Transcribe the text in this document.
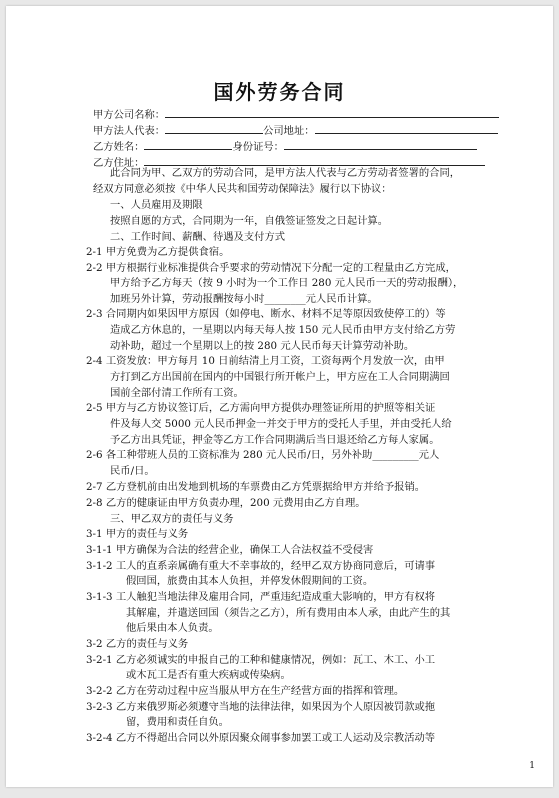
国外劳务合同
甲方公司名称：
甲方法人代表：	公司地址：
乙方姓名：	身份证号：
乙方住址：
此合同为甲、乙双方的劳动合同，是甲方法人代表与乙方劳动者签署的合同，
经双方同意必须按《中华人民共和国劳动保障法》履行以下协议：
一、人员雇用及期限
按照自愿的方式，合同期为一年，自俄签证签发之日起计算。
二、工作时间、薪酬、待遇及支付方式
2-1 甲方免费为乙方提供食宿。
2-2 甲方根据行业标准提供合乎要求的劳动情况下分配一定的工程量由乙方完成，
甲方给予乙方每天（按 9 小时为一个工作日 280 元人民币一天的劳动报酬），
加班另外计算，劳动报酬按每小时________元人民币计算。
2-3 合同期内如果因甲方原因（如停电、断水、材料不足等原因致使停工的）等
造成乙方休息的，一星期以内每天每人按 150 元人民币由甲方支付给乙方劳
动补助，超过一个星期以上的按 280 元人民币每天计算劳动补助。
2-4 工资发放：甲方每月 10 日前结清上月工资，工资每两个月发放一次，由甲
方打到乙方出国前在国内的中国银行所开帐户上，甲方应在工人合同期满回
国前全部付清工作所有工资。
2-5 甲方与乙方协议签订后，乙方需向甲方提供办理签证所用的护照等相关证
件及每人交 5000 元人民币押金一并交于甲方的受托人手里，并由受托人给
予乙方出具凭证，押金等乙方工作合同期满后当日退还给乙方每人家属。
2-6 各工种带班人员的工资标准为 280 元人民币/日，另外补助_________元人
民币/日。
2-7 乙方登机前由出发地到机场的车票费由乙方凭票据给甲方并给予报销。
2-8 乙方的健康证由甲方负责办理，200 元费用由乙方自理。
三、甲乙双方的责任与义务
3-1 甲方的责任与义务
3-1-1 甲方确保为合法的经营企业，确保工人合法权益不受侵害
3-1-2 工人的直系亲属确有重大不幸事故的，经甲乙双方协商同意后，可请事
假回国，旅费由其本人负担，并停发休假期间的工资。
3-1-3 工人触犯当地法律及雇用合同，严重违纪造成重大影响的，甲方有权将
其解雇，并遣送回国（须告之乙方），所有费用由本人承，由此产生的其
他后果由本人负责。
3-2 乙方的责任与义务
3-2-1 乙方必须诚实的申报自己的工种和健康情况，例如：瓦工、木工、小工
或木瓦工是否有重大疾病或传染病。
3-2-2 乙方在劳动过程中应当服从甲方在生产经营方面的指挥和管理。
3-2-3 乙方来俄罗斯必须遵守当地的法律法律，如果因为个人原因被罚款或拖
留，费用和责任自负。
3-2-4 乙方不得超出合同以外原因聚众闹事参加罢工或工人运动及宗教活动等
1
